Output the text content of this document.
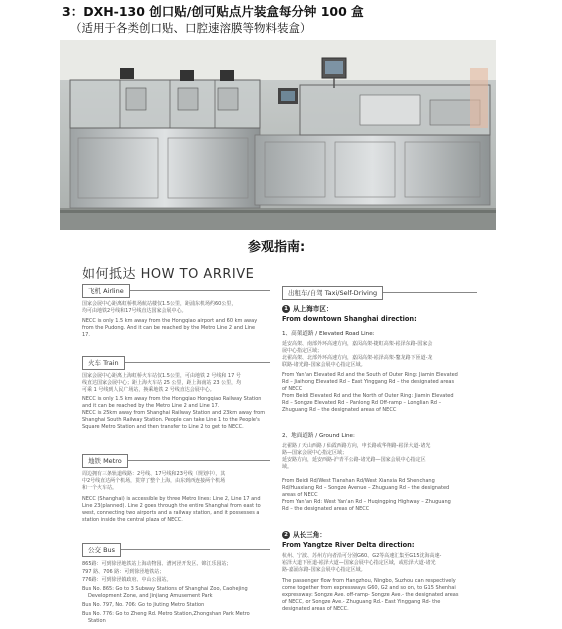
3：DXH-130 创口贴/创可贴点片装盒每分钟 100 盒
（适用于各类创口贴、口腔速溶膜等物料装盒）
参观指南:
如何抵达 HOW TO ARRIVE
飞机 Airline
国家会展中心距离虹桥机场航站楼仅1.5公里，距浦东机场约60公里，
均可由地铁2号线和17号线直达国家会展中心。
NECC is only 1.5 km away from the Hongqiao airport and 60 km away
from the Pudong. And it can be reached by the Metro Line 2 and Line
17.
火车 Train
国家会展中心距离上海虹桥火车站仅1.5公里，可由地铁 2 号线和 17 号
线直达国家会展中心；距上海火车站 25 公里，距上海南站 23 公里，均
可乘 1 号线到人民广场站，换乘地铁 2 号线直达会展中心。
NECC is only 1.5 km away from the Hongqiao Hongqiao Railway Station
and it can be reached by the Metro Line 2 and Line 17.
NECC is 25km away from Shanghai Railway Station and 23km away from
Shanghai South Railway Station. People can take Line 1 to the People's
Square Metro Station and then transfer to Line 2 to get to NECC.
地铁 Metro
周边拥有三条轨道线路：2号线、17号线和23号线（规划中），其
中2号线直达两个机场，贯穿了整个上海，由东到西连接两个机场
和一个火车站。
NECC (Shanghai) is accessible by three Metro lines: Line 2, Line 17 and
Line 23(planned). Line 2 goes through the entire Shanghai from east to
west, connecting two airports and a railway station, and it possesses a
station inside the central plaza of NECC.
公交 Bus
865路：可到徐泾地铁站上海动物园、漕河泾开发区、锦江乐园站；
797 路、706 路：可到徐泾地铁站；
776路：可到徐泾镇政府、中山公园站。
Bus No. 865: Go to 3 Subway Stations of Shanghai Zoo, Caohejing
Development Zone, and Jinjiang Amusement Park
Bus No. 797, No. 706: Go to Jiuting Metro Station
Bus No. 776: Go to Zheng Rd. Metro Station,Zhongshan Park Metro
Station
出租车/自驾 Taxi/Self-Driving
1 从上海市区：
From downtown Shanghai direction:
1、高架道路 / Elevated Road Line:
延安高架、南部外环高速方向，嘉闵高架-捷虹高架-崧泽东路-国家会
展中心指定区域；
北翟高架、北部外环高速方向，嘉闵高架-崧泽高架-鏊龙路下匝道-龙
联路-诸光路-国家会展中心指定区域。
From Yan'an Elevated Rd and the South of Outer Ring: Jiamin Elevated
Rd – Jiaihong Elevated Rd – East Yinggang Rd – the designated areas
of NECC
From Beidi Elevated Rd and the North of Outer Ring: Jiamin Elevated
Rd – Songze Elevated Rd – Panlong Rd Off-ramp – Longlian Rd –
Zhuguang Rd – the designated areas of NECC
2、地面道路 / Ground Line:
北翟路 / 天山西路 / 仙霞西路方向，申长路或华翔路-崧泽大道-诸光
路—国家会展中心指定区域；
延安路方向，延安西路-沪青平公路-诸光路—国家会展中心指定区
域。
From Beidi Rd/West Tianshan Rd/West Xianxia Rd Shenchang
Rd/Huaxiang Rd – Songze Avenue – Zhuguang Rd – the designated
areas of NECC
From Yan'an Rd: West Yan'an Rd – Huqingping Highway – Zhuguang
Rd – the designated areas of NECC
2 从长三角：
From Yangtze River Delta direction:
杭州、宁波、苏州方向者沿可分别G60、G2等高速汇集至G15沈海高速-
崧泽大道下匝道-崧泽大道—国家会展中心指定区域，或松泽大道-诸光
路-嘉涌东路-国家会展中心指定区域。
The passenger flow from Hangzhou, Ningbo, Suzhou can respectively
come together from expressways G60, G2 and so on, to G15 Shenhai
expressway: Songze Ave. off-ramp- Songze Ave.- the designated areas
of NECC, or Songze Ave.- Zhuguang Rd.- East Yinggang Rd- the
designated areas of NECC.
